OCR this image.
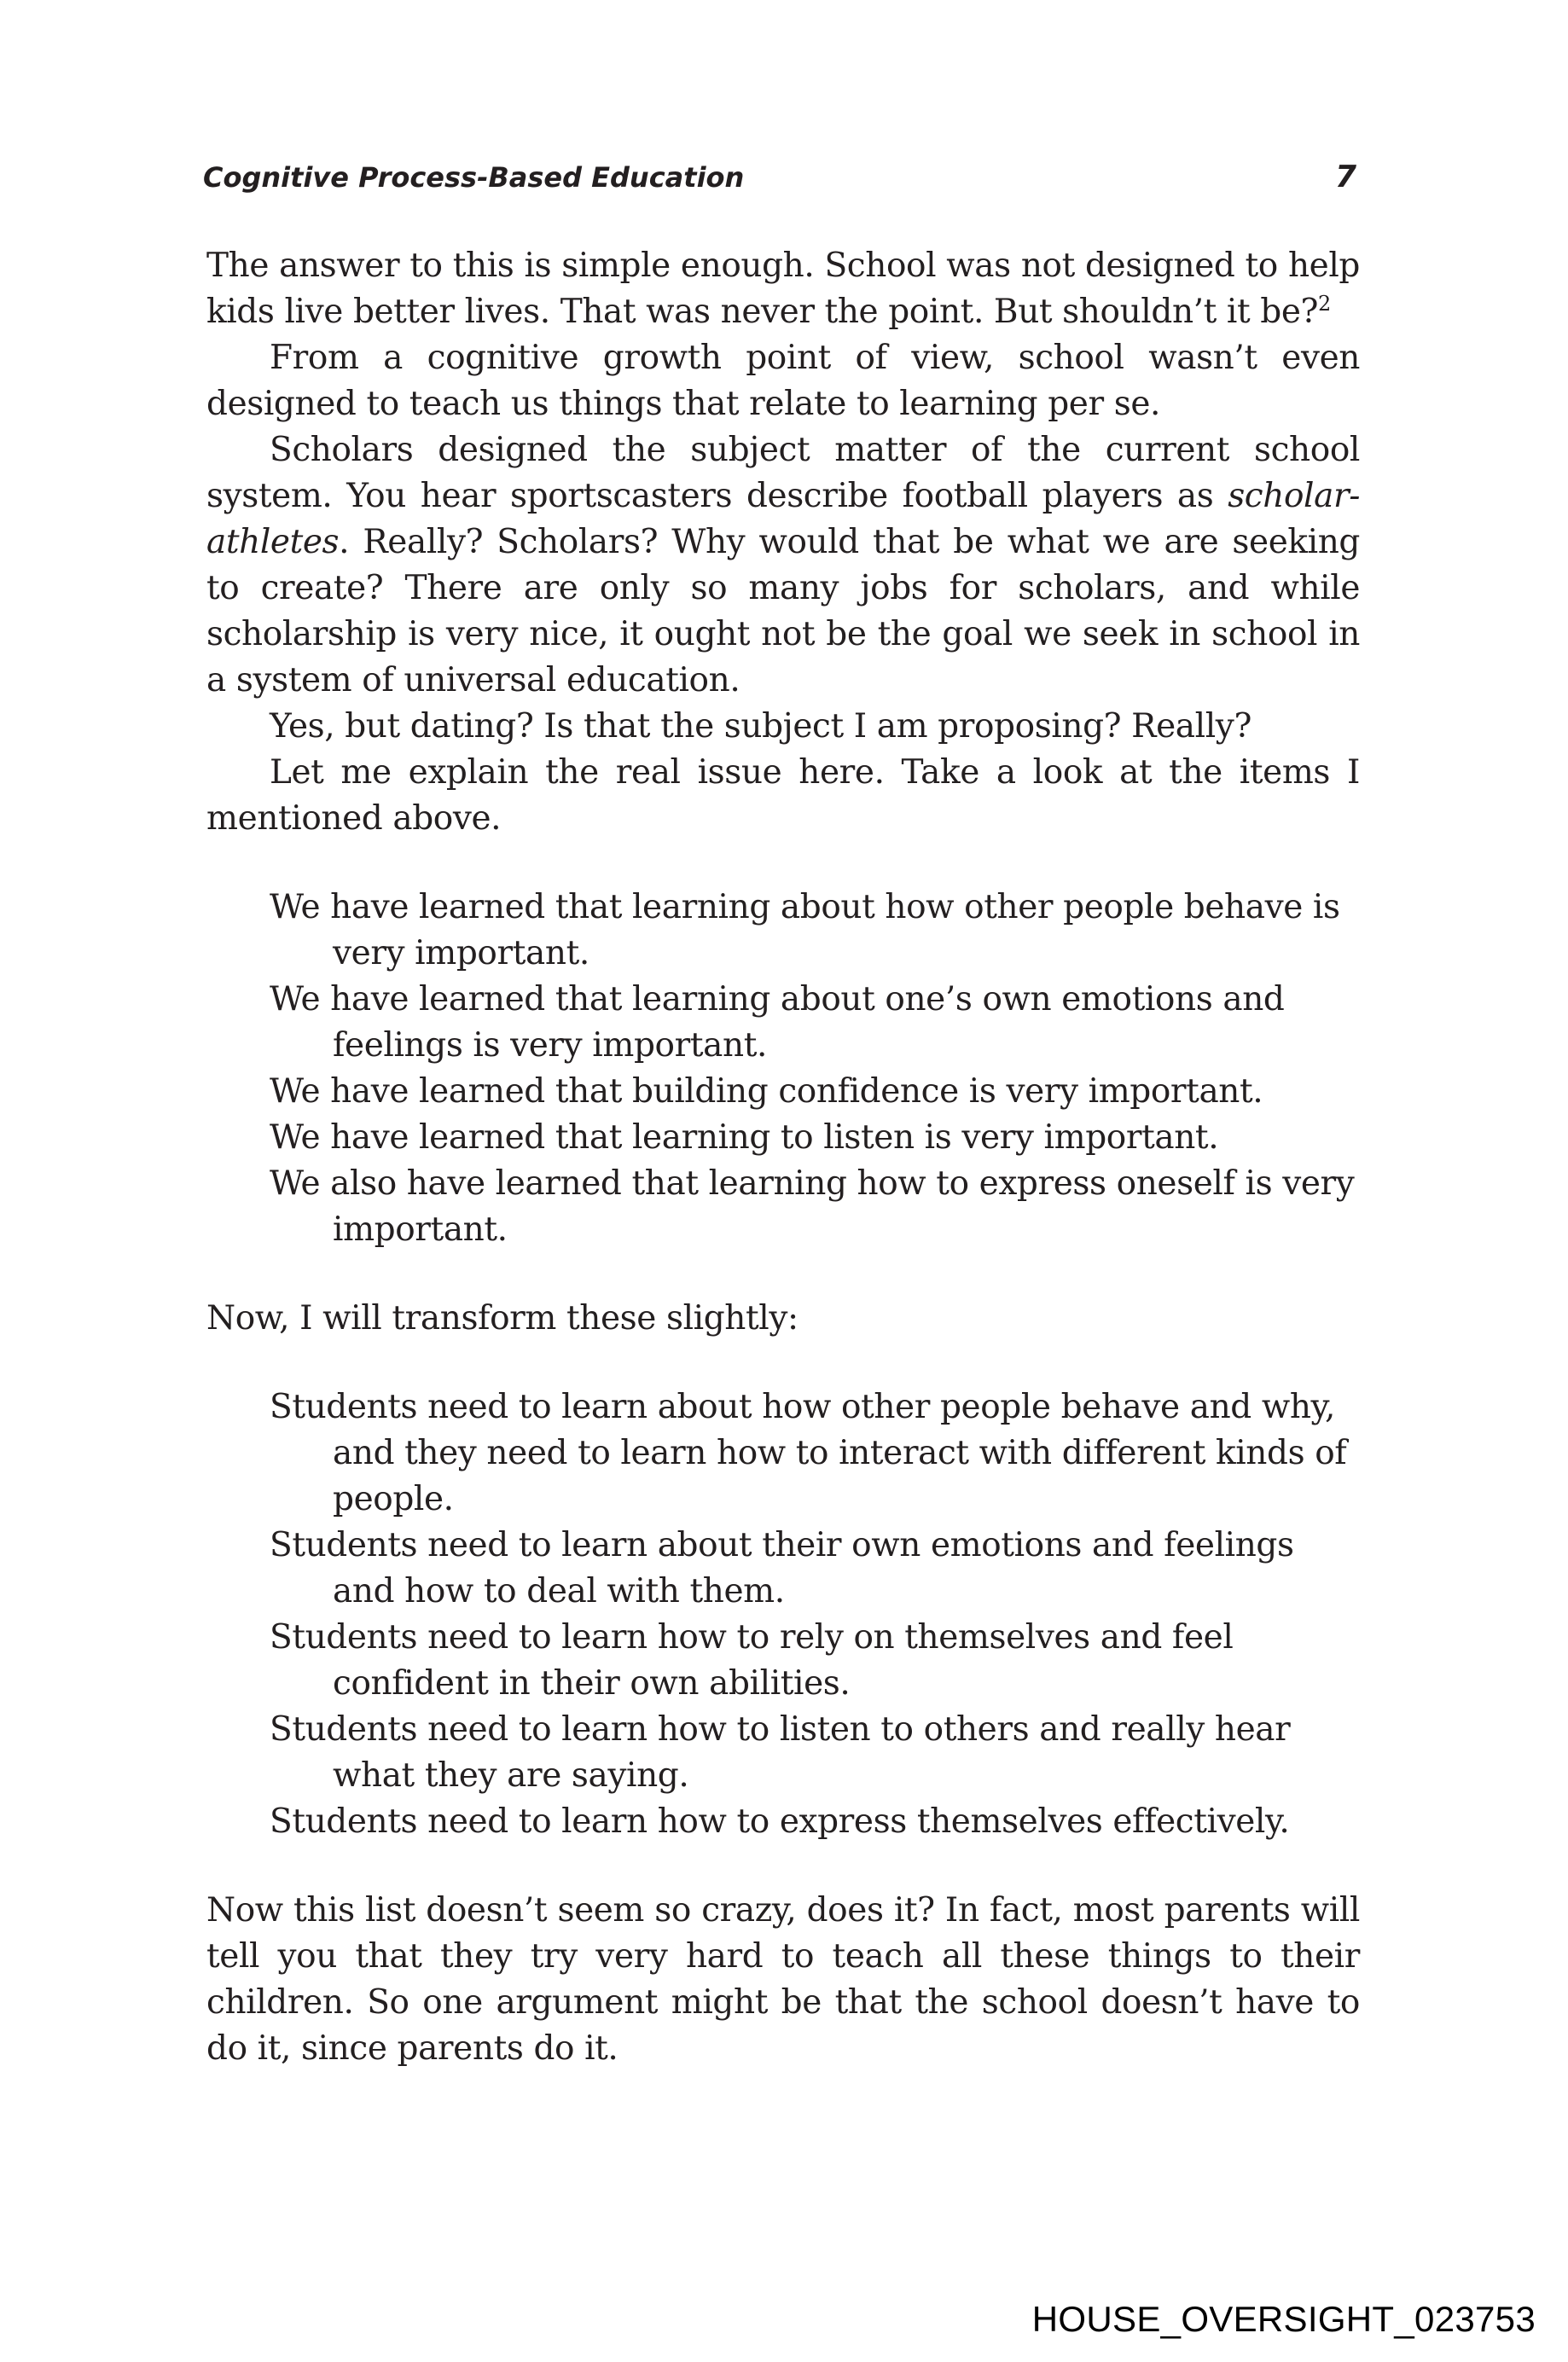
Cognitive Process-Based Education	7

The answer to this is simple enough. School was not designed to help kids live better lives. That was never the point. But shouldn’t it be?$^2$

From a cognitive growth point of view, school wasn’t even designed to teach us things that relate to learning per se.

Scholars designed the subject matter of the current school system. You hear sportscasters describe football players as scholar-athletes. Really? Scholars? Why would that be what we are seeking to create? There are only so many jobs for scholars, and while scholarship is very nice, it ought not be the goal we seek in school in a system of universal education.

Yes, but dating? Is that the subject I am proposing? Really?

Let me explain the real issue here. Take a look at the items I mentioned above.

We have learned that learning about how other people behave is very important.
We have learned that learning about one’s own emotions and feelings is very important.
We have learned that building confidence is very important.
We have learned that learning to listen is very important.
We also have learned that learning how to express oneself is very important.

Now, I will transform these slightly:

Students need to learn about how other people behave and why, and they need to learn how to interact with different kinds of people.
Students need to learn about their own emotions and feelings and how to deal with them.
Students need to learn how to rely on themselves and feel confident in their own abilities.
Students need to learn how to listen to others and really hear what they are saying.
Students need to learn how to express themselves effectively.

Now this list doesn’t seem so crazy, does it? In fact, most parents will tell you that they try very hard to teach all these things to their children. So one argument might be that the school doesn’t have to do it, since parents do it.

HOUSE_OVERSIGHT_023753
